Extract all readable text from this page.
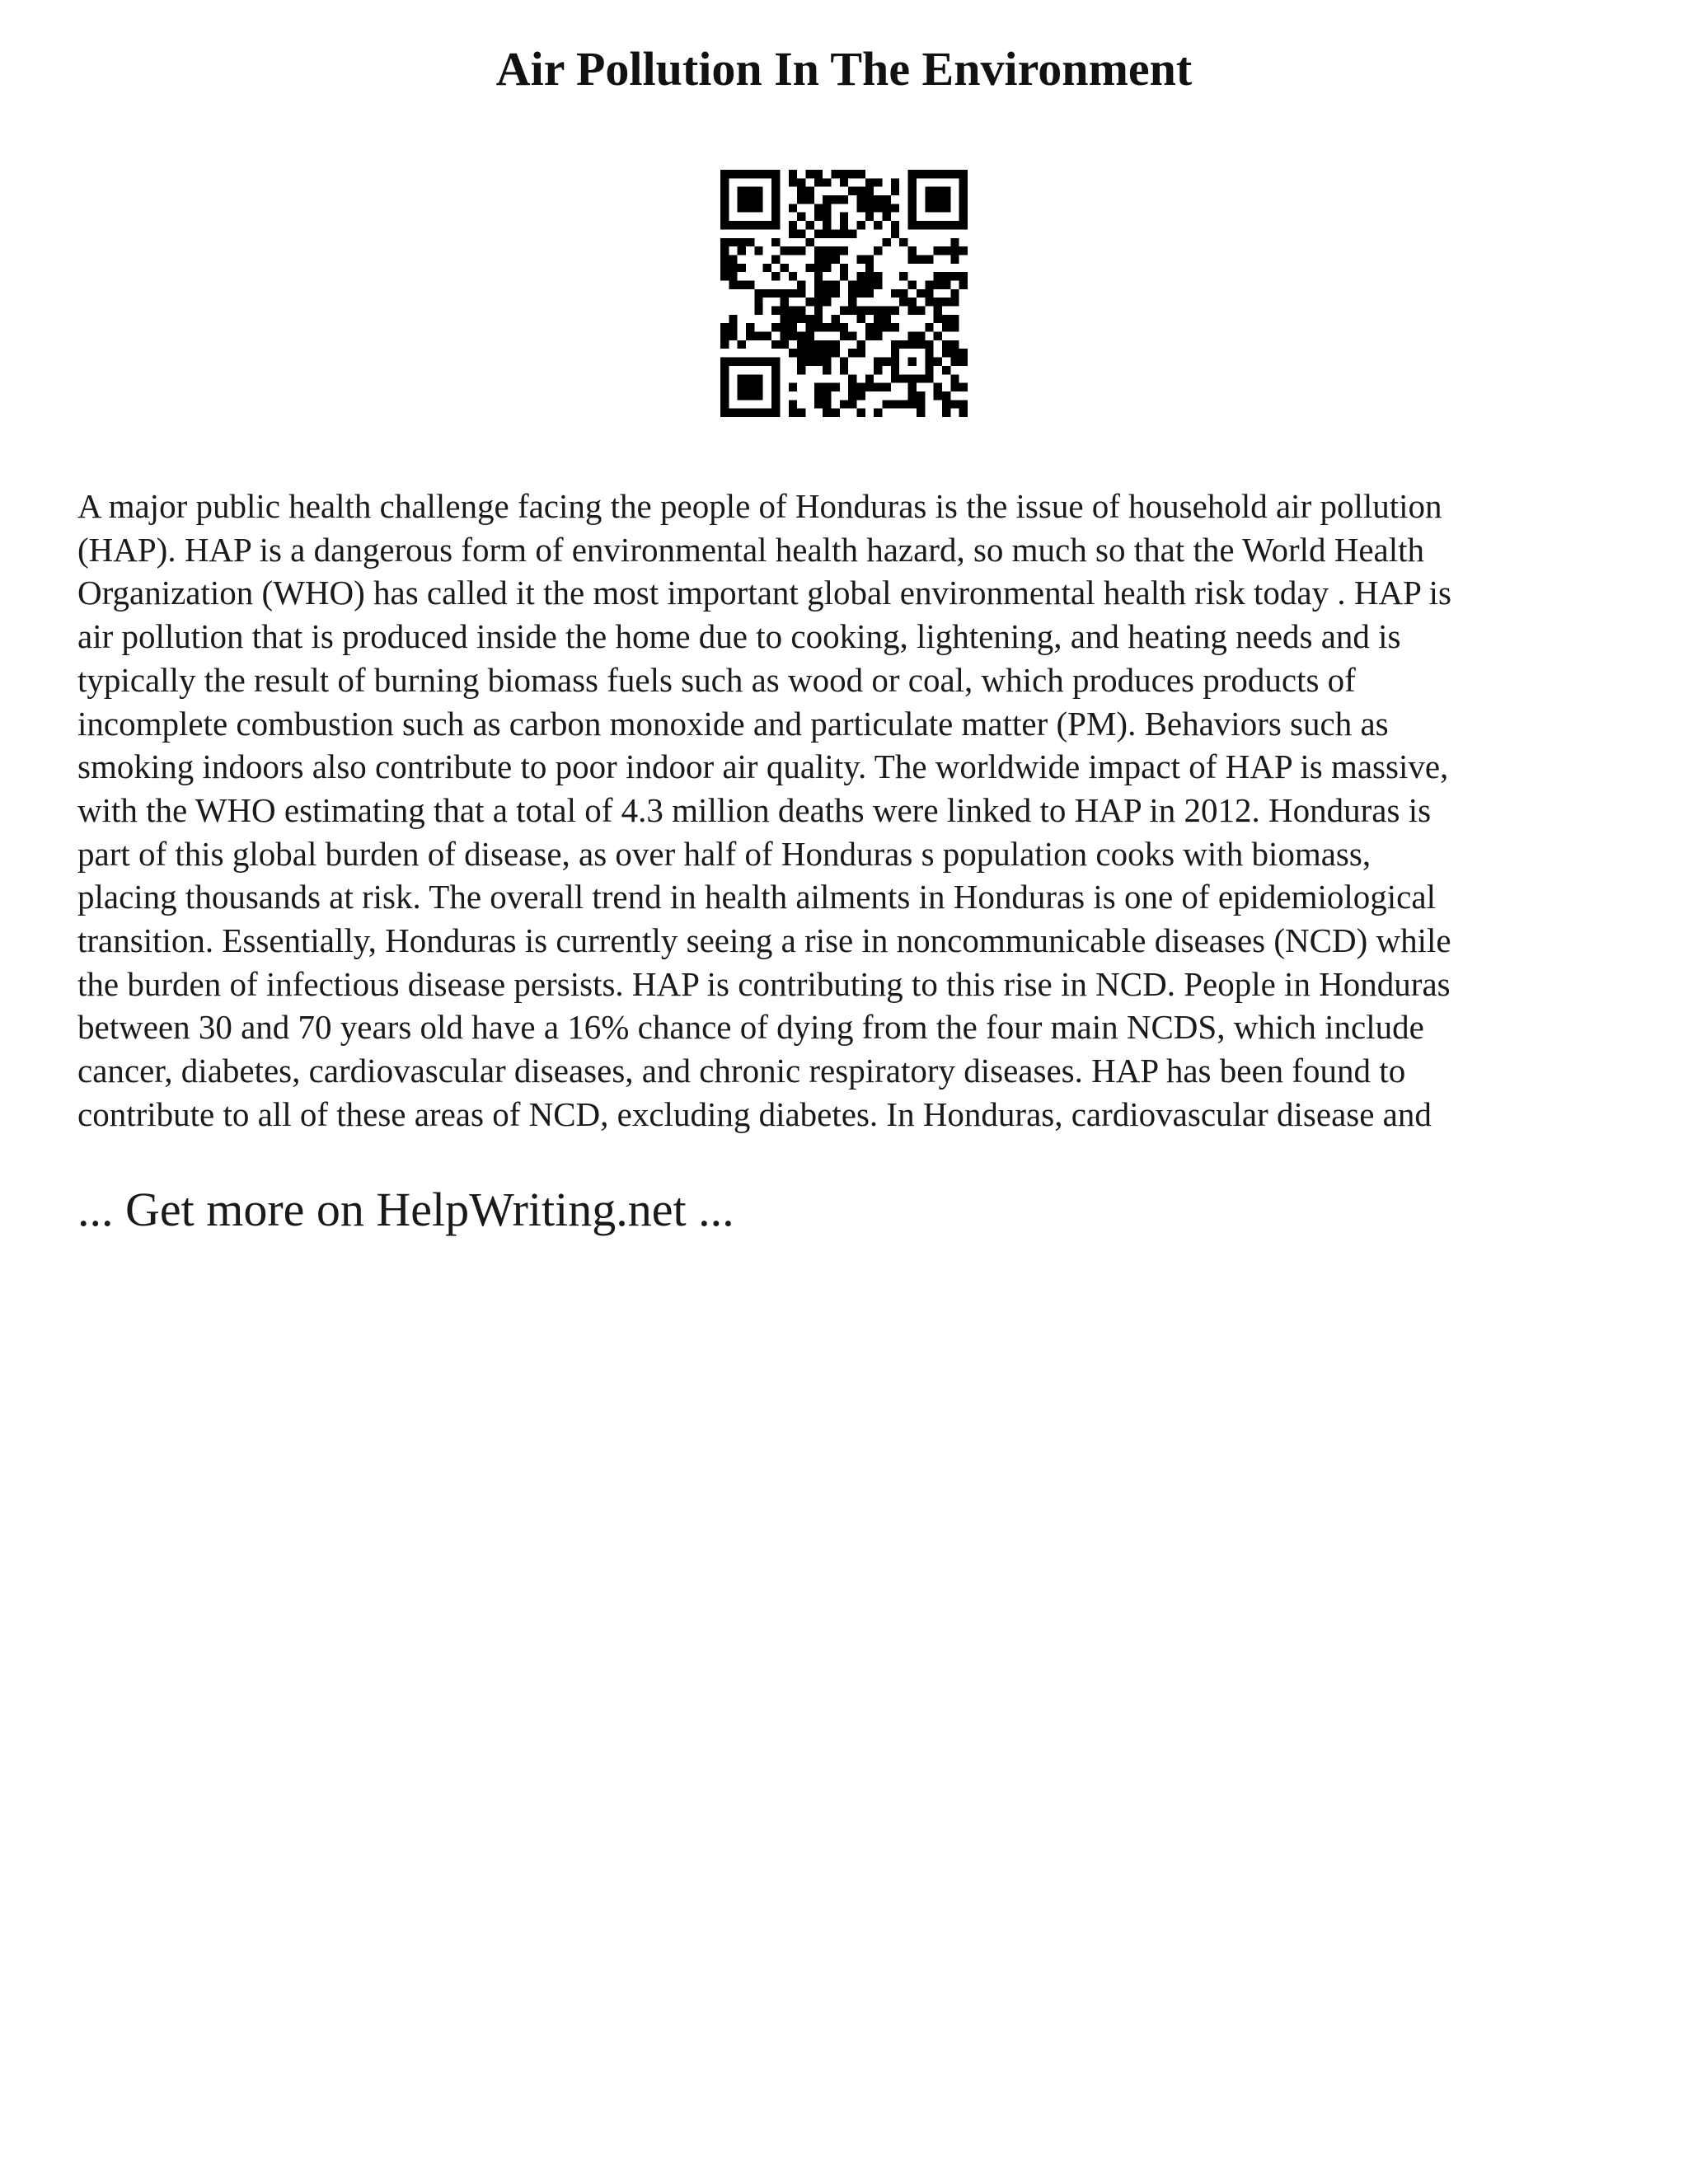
Air Pollution In The Environment

A major public health challenge facing the people of Honduras is the issue of household air pollution
(HAP). HAP is a dangerous form of environmental health hazard, so much so that the World Health
Organization (WHO) has called it the most important global environmental health risk today . HAP is
air pollution that is produced inside the home due to cooking, lightening, and heating needs and is
typically the result of burning biomass fuels such as wood or coal, which produces products of
incomplete combustion such as carbon monoxide and particulate matter (PM). Behaviors such as
smoking indoors also contribute to poor indoor air quality. The worldwide impact of HAP is massive,
with the WHO estimating that a total of 4.3 million deaths were linked to HAP in 2012. Honduras is
part of this global burden of disease, as over half of Honduras s population cooks with biomass,
placing thousands at risk. The overall trend in health ailments in Honduras is one of epidemiological
transition. Essentially, Honduras is currently seeing a rise in noncommunicable diseases (NCD) while
the burden of infectious disease persists. HAP is contributing to this rise in NCD. People in Honduras
between 30 and 70 years old have a 16% chance of dying from the four main NCDS, which include
cancer, diabetes, cardiovascular diseases, and chronic respiratory diseases. HAP has been found to
contribute to all of these areas of NCD, excluding diabetes. In Honduras, cardiovascular disease and

... Get more on HelpWriting.net ...
